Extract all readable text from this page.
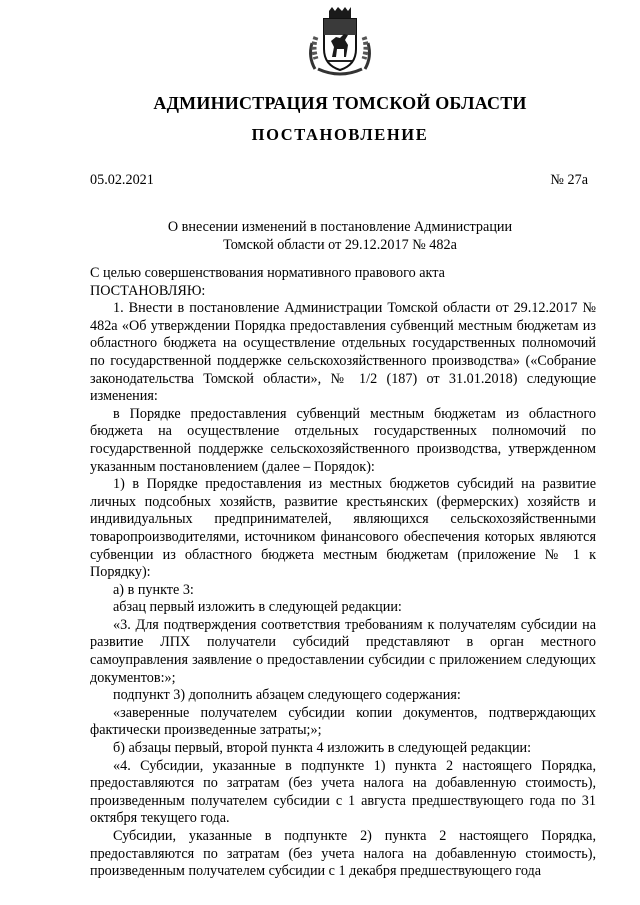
АДМИНИСТРАЦИЯ ТОМСКОЙ ОБЛАСТИ
ПОСТАНОВЛЕНИЕ
05.02.2021	№ 27а
О внесении изменений в постановление Администрации
Томской области от 29.12.2017 № 482а

С целью совершенствования нормативного правового акта

ПОСТАНОВЛЯЮ:

1. Внести в постановление Администрации Томской области от 29.12.2017 № 482а «Об утверждении Порядка предоставления субвенций местным бюджетам из областного бюджета на осуществление отдельных государственных полномочий по государственной поддержке сельскохозяйственного производства» («Собрание законодательства Томской области», № 1/2 (187) от 31.01.2018) следующие изменения:

в Порядке предоставления субвенций местным бюджетам из областного бюджета на осуществление отдельных государственных полномочий по государственной поддержке сельскохозяйственного производства, утвержденном указанным постановлением (далее – Порядок):

1) в Порядке предоставления из местных бюджетов субсидий на развитие личных подсобных хозяйств, развитие крестьянских (фермерских) хозяйств и индивидуальных предпринимателей, являющихся сельскохозяйственными товаропроизводителями, источником финансового обеспечения которых являются субвенции из областного бюджета местным бюджетам (приложение № 1 к Порядку):

а) в пункте 3:

абзац первый изложить в следующей редакции:

«3. Для подтверждения соответствия требованиям к получателям субсидии на развитие ЛПХ получатели субсидий представляют в орган местного самоуправления заявление о предоставлении субсидии с приложением следующих документов:»;

подпункт 3) дополнить абзацем следующего содержания:

«заверенные получателем субсидии копии документов, подтверждающих фактически произведенные затраты;»;

б) абзацы первый, второй пункта 4 изложить в следующей редакции:

«4. Субсидии, указанные в подпункте 1) пункта 2 настоящего Порядка, предоставляются по затратам (без учета налога на добавленную стоимость), произведенным получателем субсидии с 1 августа предшествующего года по 31 октября текущего года.

Субсидии, указанные в подпункте 2) пункта 2 настоящего Порядка, предоставляются по затратам (без учета налога на добавленную стоимость), произведенным получателем субсидии с 1 декабря предшествующего года
